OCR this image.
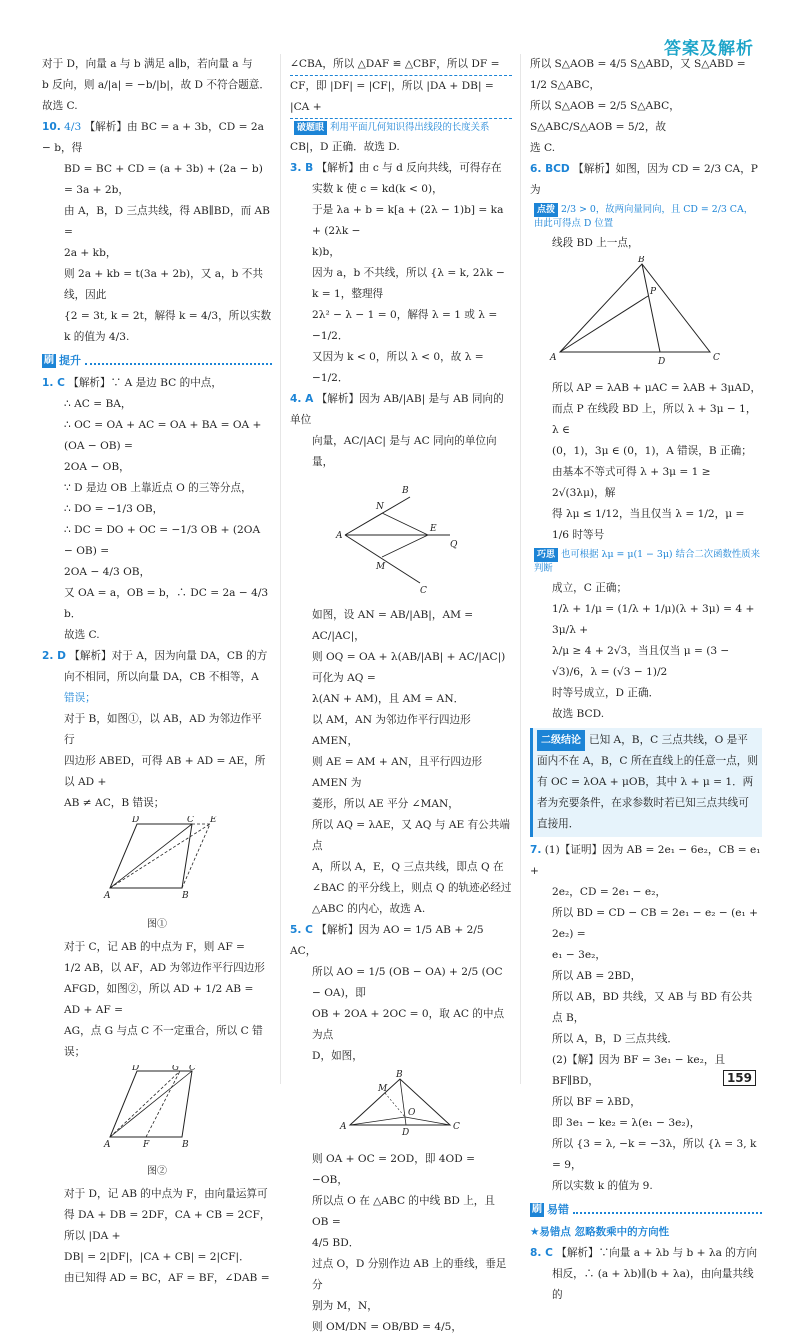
答案及解析

对于 D，向量 a 与 b 满足 a∥b，若向量 a 与

b 反向，则 a/|a| = −b/|b|，故 D 不符合题意．

故选 C.

10. 4/3 【解析】由 BC = a + 3b，CD = 2a − b，得

BD = BC + CD = (a + 3b) + (2a − b) = 3a + 2b，

由 A，B，D 三点共线，得 AB∥BD，而 AB =

2a + kb，

则 2a + kb = t(3a + 2b)，又 a，b 不共线，因此

{2 = 3t, k = 2t，解得 k = 4/3，所以实数 k 的值为 4/3.

刷 提升

1. C 【解析】∵ A 是边 BC 的中点，

∴ AC = BA，

∴ OC = OA + AC = OA + BA = OA + (OA − OB) =

2OA − OB，

∵ D 是边 OB 上靠近点 O 的三等分点，

∴ DO = −1/3 OB，

∴ DC = DO + OC = −1/3 OB + (2OA − OB) =

2OA − 4/3 OB，

又 OA = a，OB = b，∴ DC = 2a − 4/3 b．

故选 C.

2. D 【解析】对于 A，因为向量 DA，CB 的方

向不相同，所以向量 DA，CB 不相等，A

错误；

对于 B，如图①，以 AB，AD 为邻边作平行

四边形 ABED，可得 AB + AD = AE，所以 AD +

AB ≠ AC，B 错误；

D	C E
A	B
图①

对于 C，记 AB 的中点为 F，则 AF =

1/2 AB，以 AF，AD 为邻边作平行四边形

AFGD，如图②，所以 AD + 1/2 AB = AD + AF =

AG，点 G 与点 C 不一定重合，所以 C 错误；

D	G C
A	F	B
图②

对于 D，记 AB 的中点为 F，由向量运算可

得 DA + DB = 2DF，CA + CB = 2CF，所以 |DA +

DB| = 2|DF|，|CA + CB| = 2|CF|．

由已知得 AD = BC，AF = BF，∠DAB =

∠CBA，所以 △DAF ≌ △CBF，所以 DF =

CF，即 |DF| = |CF|，所以 |DA + DB| = |CA +

破题眼 利用平面几何知识得出线段的长度关系

CB|，D 正确．故选 D.

3. B 【解析】由 c 与 d 反向共线，可得存在

实数 k 使 c = kd(k < 0)，

于是 λa + b = k[a + (2λ − 1)b] = ka + (2λk −

k)b，

因为 a，b 不共线，所以 {λ = k, 2λk − k = 1，整理得

2λ² − λ − 1 = 0，解得 λ = 1 或 λ = −1/2．

又因为 k < 0，所以 λ < 0，故 λ = −1/2．

4. A 【解析】因为 AB/|AB| 是与 AB 同向的单位

向量，AC/|AC| 是与 AC 同向的单位向量，

A
B
N
E
Q
M
C

如图，设 AN = AB/|AB|，AM = AC/|AC|，

则 OQ = OA + λ(AB/|AB| + AC/|AC|) 可化为 AQ =

λ(AN + AM)，且 AM = AN．

以 AM，AN 为邻边作平行四边形 AMEN，

则 AE = AM + AN，且平行四边形 AMEN 为

菱形，所以 AE 平分 ∠MAN，

所以 AQ = λAE，又 AQ 与 AE 有公共端点

A，所以 A，E，Q 三点共线，即点 Q 在

∠BAC 的平分线上，则点 Q 的轨迹必经过

△ABC 的内心，故选 A.

5. C 【解析】因为 AO = 1/5 AB + 2/5 AC，

所以 AO = 1/5 (OB − OA) + 2/5 (OC − OA)，即

OB + 2OA + 2OC = 0，取 AC 的中点为点

D，如图，

A
B
C
D
O
M

则 OA + OC = 2OD，即 4OD = −OB，

所以点 O 在 △ABC 的中线 BD 上，且 OB =

4/5 BD．

过点 O，D 分别作边 AB 上的垂线，垂足分

别为 M，N，

则 OM/DN = OB/BD = 4/5，

所以 S△AOB = 4/5 S△ABD，又 S△ABD = 1/2 S△ABC，

所以 S△AOB = 2/5 S△ABC，S△ABC/S△AOB = 5/2，故

选 C.

6. BCD 【解析】如图，因为 CD = 2/3 CA，P 为

点拨 2/3 > 0，故两向量同向，且 CD = 2/3 CA，由此可得点 D 位置

线段 BD 上一点，

A
B
C
D
P

所以 AP = λAB + μAC = λAB + 3μAD，

而点 P 在线段 BD 上，所以 λ + 3μ − 1，λ ∈

(0，1)，3μ ∈ (0，1)，A 错误，B 正确；

由基本不等式可得 λ + 3μ = 1 ≥ 2√(3λμ)，解

得 λμ ≤ 1/12，当且仅当 λ = 1/2，μ = 1/6 时等号

巧思 也可根据 λμ = μ(1 − 3μ) 结合二次函数性质来判断

成立，C 正确；

1/λ + 1/μ = (1/λ + 1/μ)(λ + 3μ) = 4 + 3μ/λ +

λ/μ ≥ 4 + 2√3，当且仅当 μ = (3 − √3)/6，λ = (√3 − 1)/2

时等号成立，D 正确．

故选 BCD.

二级结论 已知 A，B，C 三点共线，O 是平面内不在 A，B，C 所在直线上的任意一点，则有 OC = λOA + μOB，其中 λ + μ = 1．两者为充要条件，在求参数时若已知三点共线可直接用．

7. (1)【证明】因为 AB = 2e₁ − 6e₂，CB = e₁ +

2e₂，CD = 2e₁ − e₂，

所以 BD = CD − CB = 2e₁ − e₂ − (e₁ + 2e₂) =

e₁ − 3e₂，

所以 AB = 2BD，

所以 AB，BD 共线，又 AB 与 BD 有公共

点 B，

所以 A，B，D 三点共线．

(2)【解】因为 BF = 3e₁ − ke₂，且 BF∥BD，

所以 BF = λBD，

即 3e₁ − ke₂ = λ(e₁ − 3e₂)，

所以 {3 = λ, −k = −3λ，所以 {λ = 3, k = 9，

所以实数 k 的值为 9.

刷 易错

★易错点 忽略数乘中的方向性

8. C 【解析】∵向量 a + λb 与 b + λa 的方向

相反，∴ (a + λb)∥(b + λa)，由向量共线的

159
